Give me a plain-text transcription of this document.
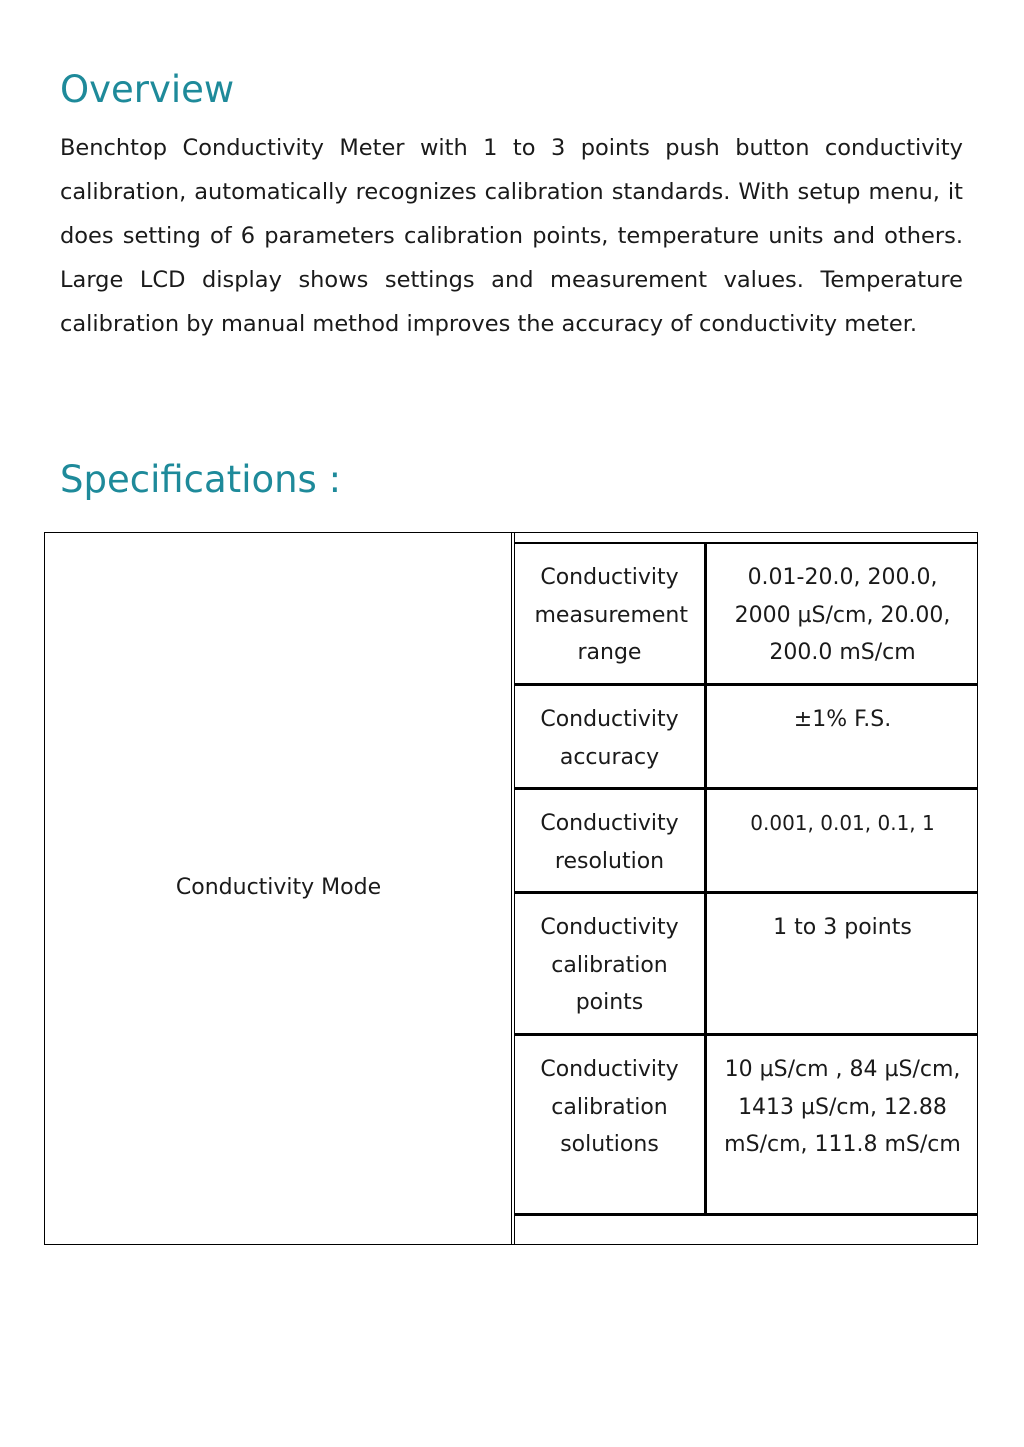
Overview

Benchtop Conductivity Meter with 1 to 3 points push button conductivity calibration, automatically recognizes calibration standards. With setup menu, it does setting of 6 parameters calibration points, temperature units and others. Large LCD display shows settings and measurement values. Temperature calibration by manual method improves the accuracy of conductivity meter.

Specifications :
Conductivity Mode
Conductivity measurement range
0.01-20.0, 200.0, 2000 µS/cm, 20.00, 200.0 mS/cm
Conductivity accuracy
±1% F.S.
Conductivity resolution
0.001, 0.01, 0.1, 1
Conductivity calibration points
1 to 3 points
Conductivity calibration solutions
10 µS/cm , 84 µS/cm, 1413 µS/cm, 12.88 mS/cm, 111.8 mS/cm
